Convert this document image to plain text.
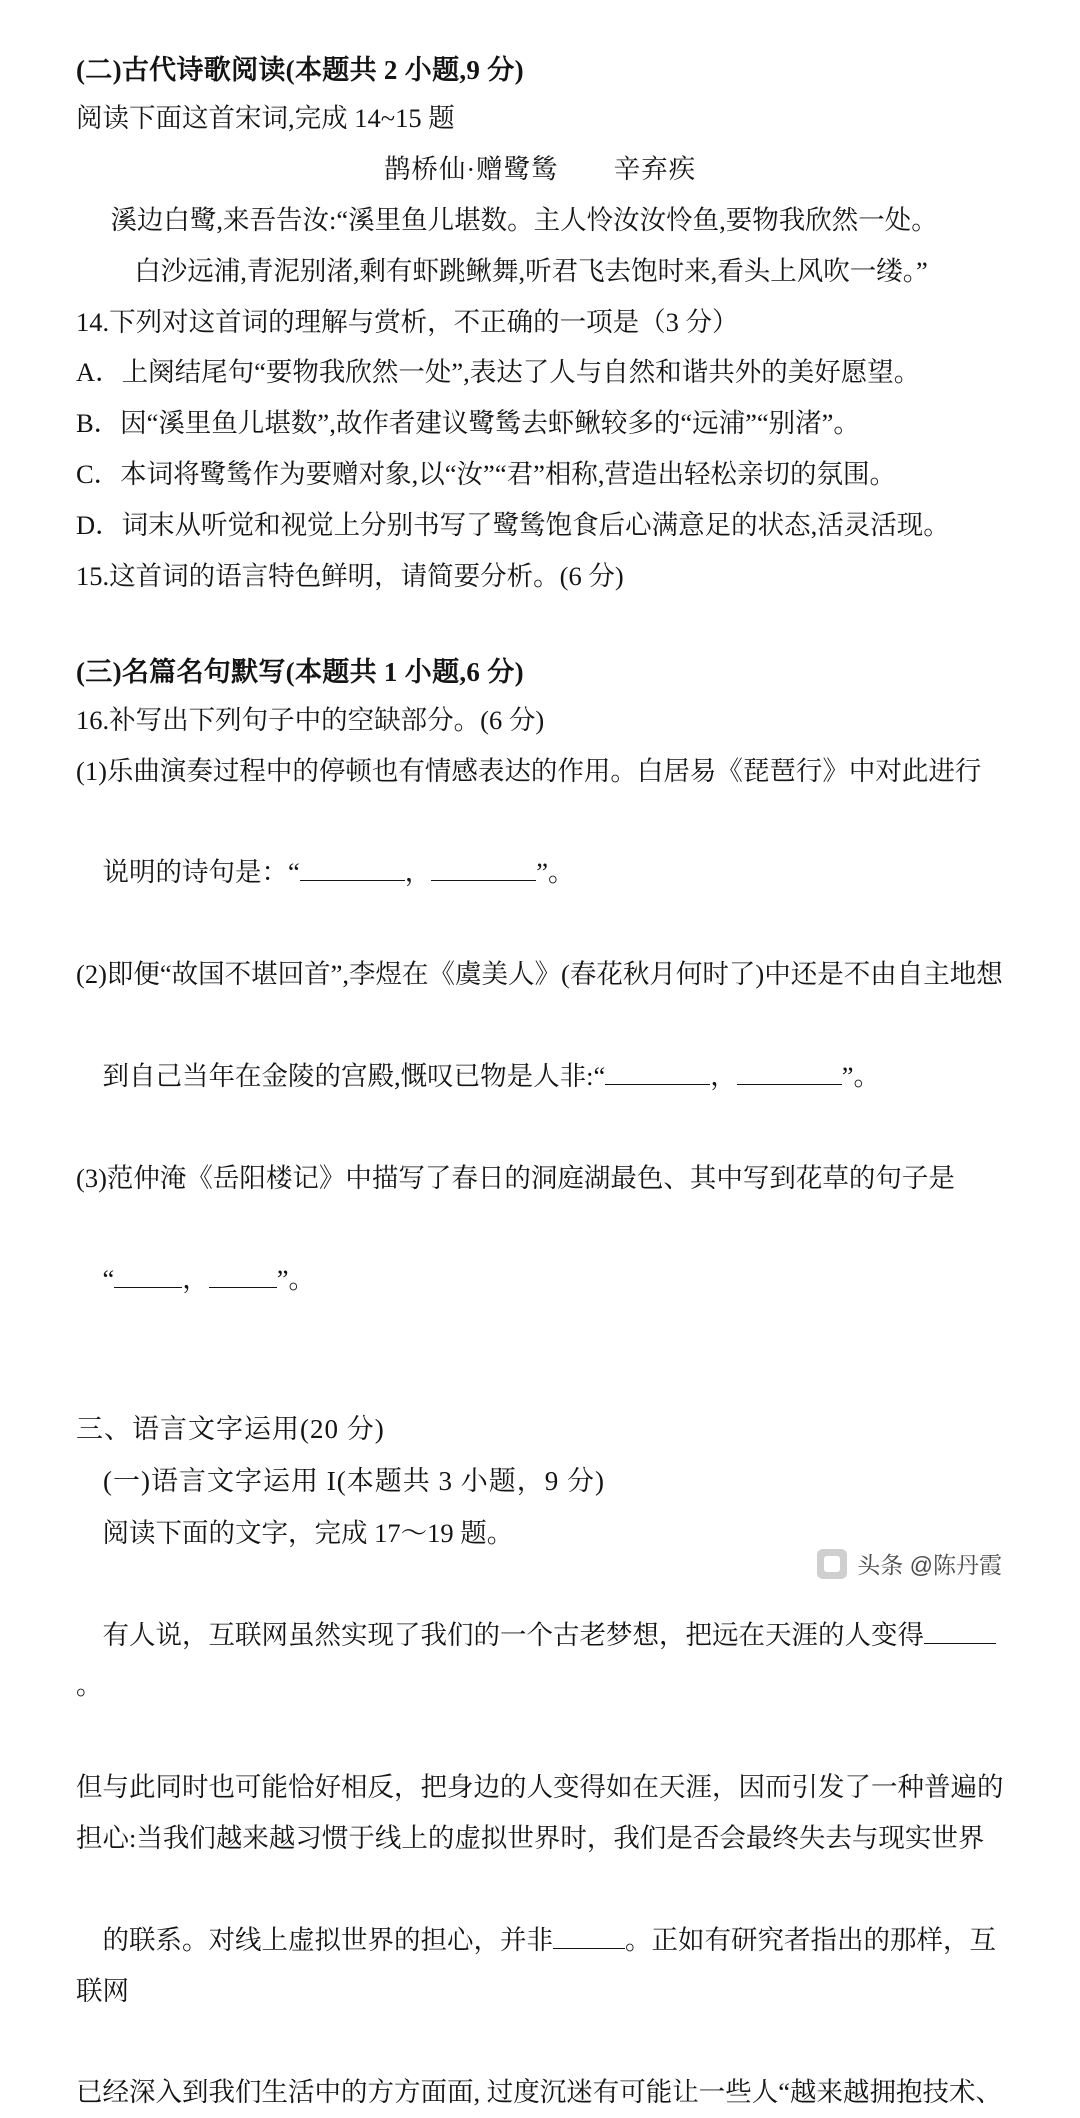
(二)古代诗歌阅读(本题共 2 小题,9 分)
阅读下面这首宋词,完成 14~15 题
鹊桥仙·赠鹭鸶　　辛弃疾
溪边白鹭,来吾告汝:“溪里鱼儿堪数。主人怜汝汝怜鱼,要物我欣然一处。
白沙远浦,青泥别渚,剩有虾跳鳅舞,听君飞去饱时来,看头上风吹一缕。”
14.下列对这首词的理解与赏析，不正确的一项是（3 分）
A．上阕结尾句“要物我欣然一处”,表达了人与自然和谐共外的美好愿望。
B．因“溪里鱼儿堪数”,故作者建议鹭鸶去虾鳅较多的“远浦”“别渚”。
C．本词将鹭鸶作为要赠对象,以“汝”“君”相称,营造出轻松亲切的氛围。
D．词末从听觉和视觉上分别书写了鹭鸶饱食后心满意足的状态,活灵活现。
15.这首词的语言特色鲜明，请简要分析。(6 分)
(三)名篇名句默写(本题共 1 小题,6 分)
16.补写出下列句子中的空缺部分。(6 分)
(1)乐曲演奏过程中的停顿也有情感表达的作用。白居易《琵琶行》中对此进行

说明的诗句是：“	，	”。

(2)即便“故国不堪回首”,李煜在《虞美人》(春花秋月何时了)中还是不由自主地想

到自己当年在金陵的宫殿,慨叹已物是人非:“	，	”。

(3)范仲淹《岳阳楼记》中描写了春日的洞庭湖最色、其中写到花草的句子是

“	，	”。

三、语言文字运用(20 分)
(一)语言文字运用 I(本题共 3 小题，9 分)
阅读下面的文字，完成 17～19 题。

有人说，互联网虽然实现了我们的一个古老梦想，把远在天涯的人变得。

但与此同时也可能恰好相反，把身边的人变得如在天涯，因而引发了一种普遍的
担心:当我们越来越习惯于线上的虚拟世界时，我们是否会最终失去与现实世界

的联系。对线上虚拟世界的担心，并非	。正如有研究者指出的那样，互联网

已经深入到我们生活中的方方面面, 过度沉迷有可能让一些人“越来越拥抱技术、
头条 @陈丹霞
